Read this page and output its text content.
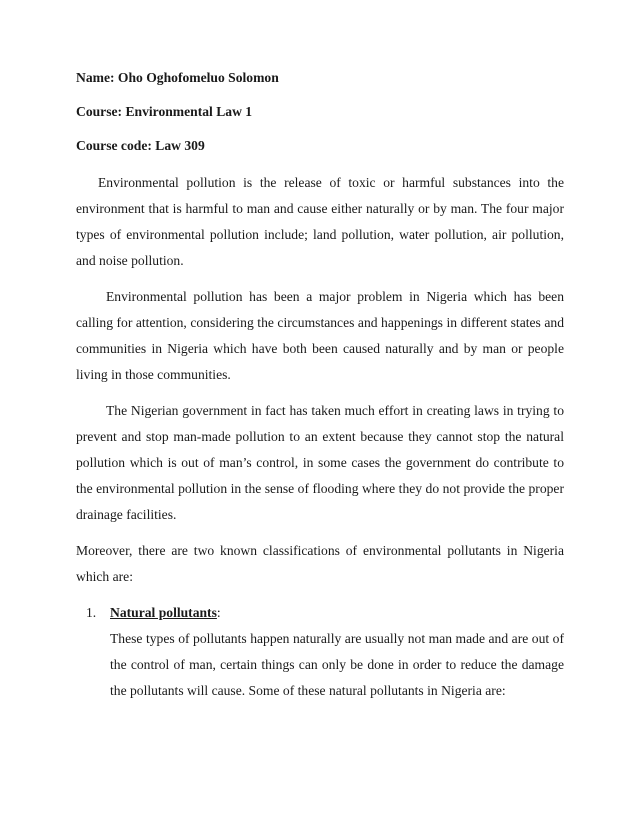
Name: Oho Oghofomeluo Solomon

Course: Environmental Law 1

Course code: Law 309

Environmental pollution is the release of toxic or harmful substances into the environment that is harmful to man and cause either naturally or by man. The four major types of environmental pollution include; land pollution, water pollution, air pollution, and noise pollution.

Environmental pollution has been a major problem in Nigeria which has been calling for attention, considering the circumstances and happenings in different states and communities in Nigeria which have both been caused naturally and by man or people living in those communities.

The Nigerian government in fact has taken much effort in creating laws in trying to prevent and stop man-made pollution to an extent because they cannot stop the natural pollution which is out of man’s control, in some cases the government do contribute to the environmental pollution in the sense of flooding where they do not provide the proper drainage facilities.

Moreover, there are two known classifications of environmental pollutants in Nigeria which are:

1. Natural pollutants:

These types of pollutants happen naturally are usually not man made and are out of the control of man, certain things can only be done in order to reduce the damage the pollutants will cause. Some of these natural pollutants in Nigeria are:
